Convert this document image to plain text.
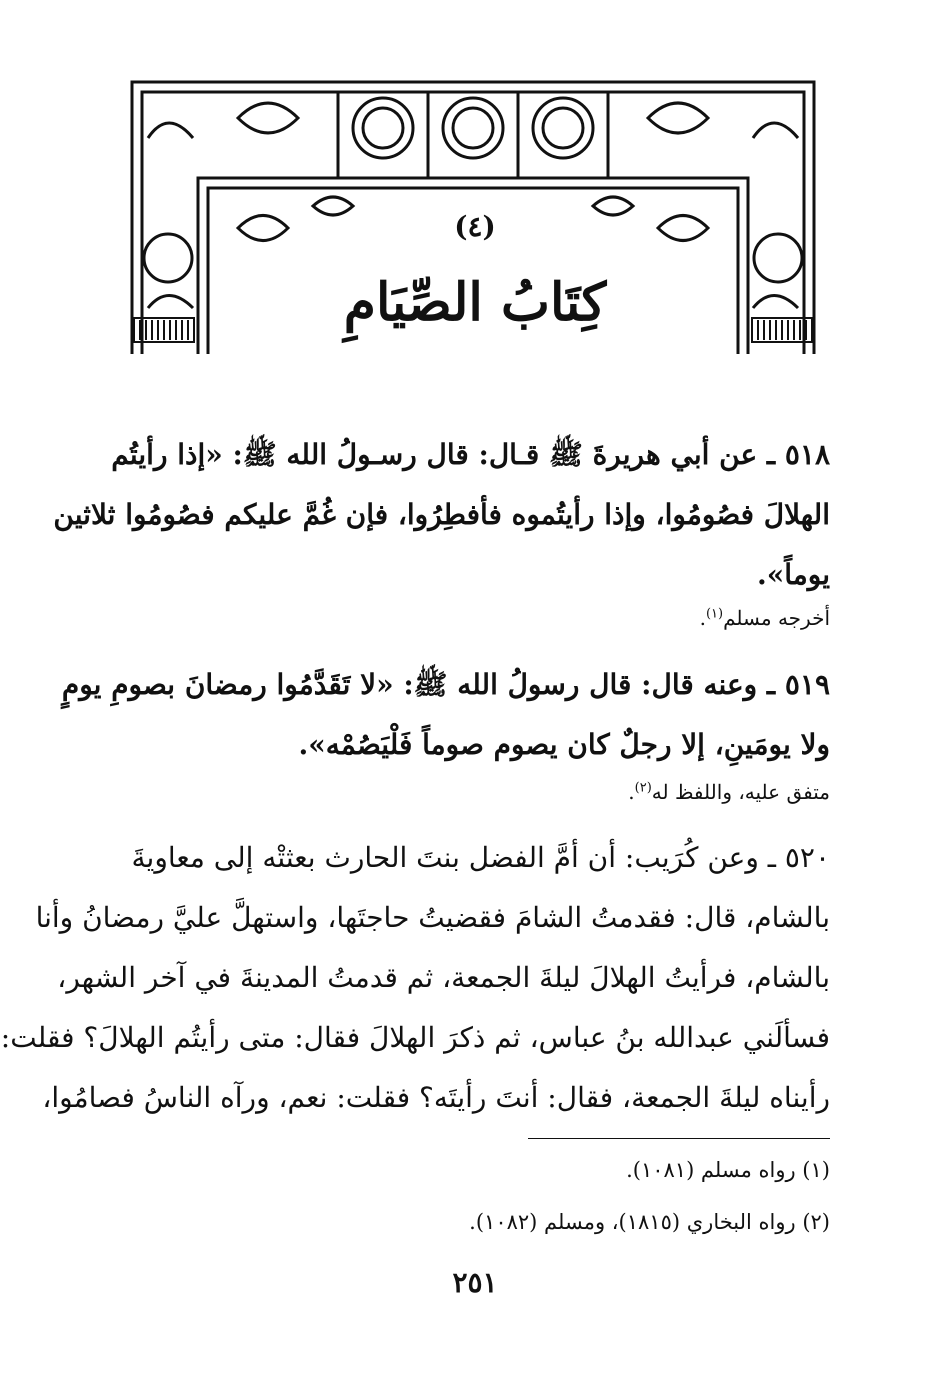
(٤)
كِتَابُ الصِّيَامِ
٥١٨ ـ عن أبي هريرةَ ﷺ قـال: قال رسـولُ الله ﷺ: «إذا رأيتُم
الهلالَ فصُومُوا، وإذا رأيتُموه فأفطِرُوا، فإن غُمَّ عليكم فصُومُوا ثلاثين
يوماً».
أخرجه مسلم$^{(١)}$.
٥١٩ ـ وعنه قال: قال رسولُ الله ﷺ: «لا تَقَدَّمُوا رمضانَ بصومِ يومٍ
ولا يومَينِ، إلا رجلٌ كان يصوم صوماً فَلْيَصُمْه».
متفق عليه، واللفظ له$^{(٢)}$.
٥٢٠ ـ وعن كُرَيب: أن أمَّ الفضل بنتَ الحارث بعثتْه إلى معاويةَ
بالشام، قال: فقدمتُ الشامَ فقضيتُ حاجتَها، واستهلَّ عليَّ رمضانُ وأنا
بالشام، فرأيتُ الهلالَ ليلةَ الجمعة، ثم قدمتُ المدينةَ في آخر الشهر،
فسألَني عبدالله بنُ عباس، ثم ذكرَ الهلالَ فقال: متى رأيتُم الهلالَ؟ فقلت:
رأيناه ليلةَ الجمعة، فقال: أنتَ رأيتَه؟ فقلت: نعم، ورآه الناسُ فصامُوا،
(١) رواه مسلم (١٠٨١).
(٢) رواه البخاري (١٨١٥)، ومسلم (١٠٨٢).
٢٥١
